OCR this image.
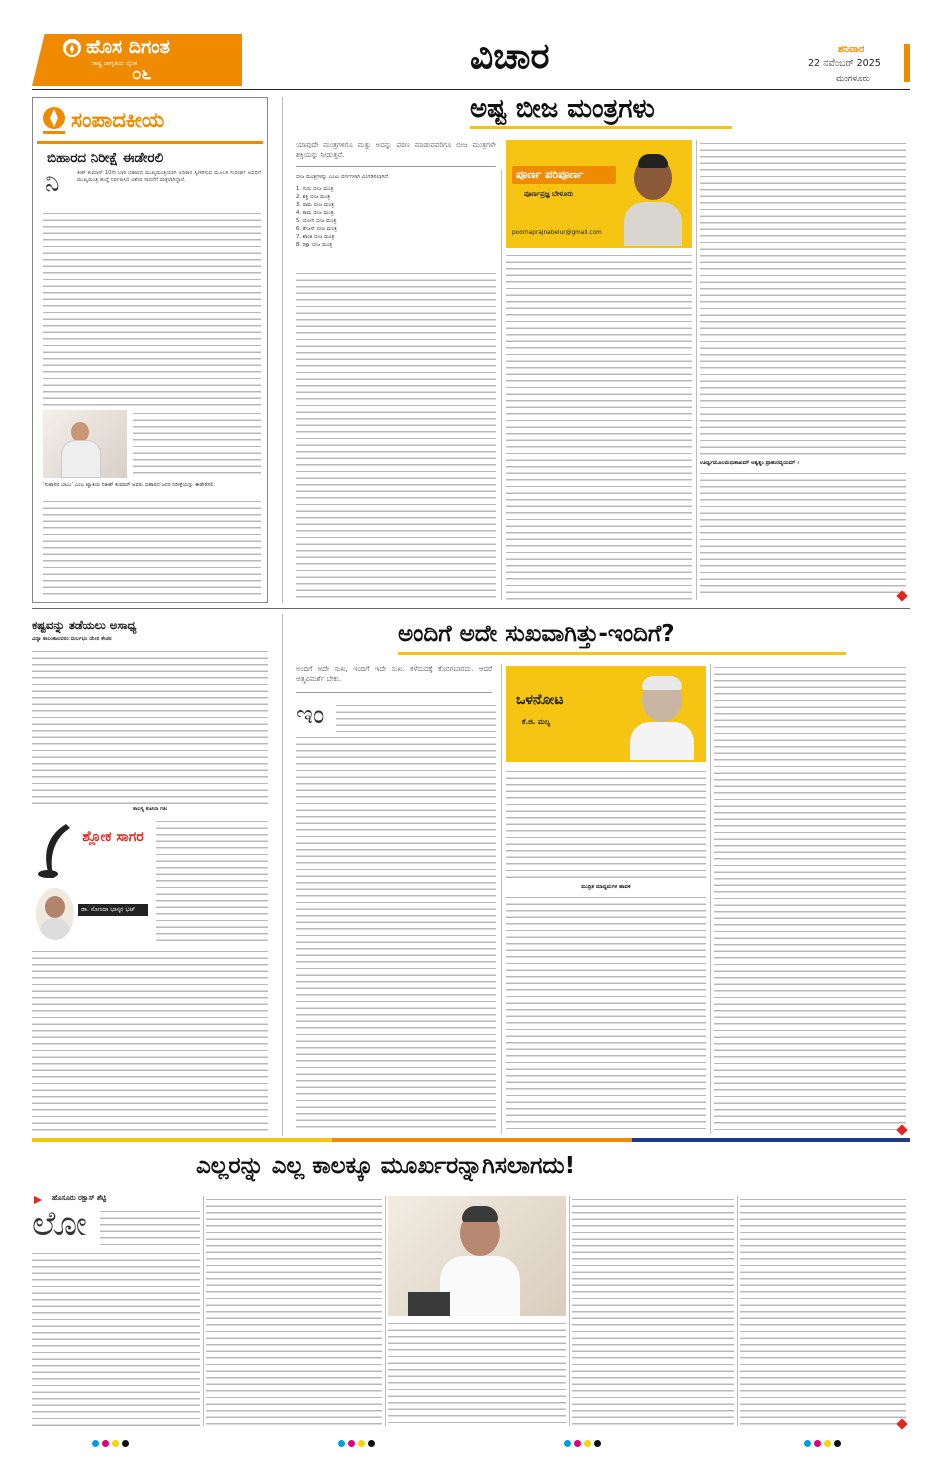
ಹೊಸ ದಿಗಂತ
ರಾಷ್ಟ್ರ ಜಾಗೃತಿಯ ದೈನಿಕ
೦೬	ವಿಚಾರ	ಶನಿವಾರ
22 ನವೆಂಬರ್ 2025
ಮಂಗಳೂರು
ಸಂಪಾದಕೀಯ
ಬಿಹಾರದ ನಿರೀಕ್ಷೆ ಈಡೇರಲಿ
ನಿ	ತೀಶ್ ಕುಮಾರ್ 10ನೇ ಬಾರಿ ಬಿಹಾರದ ಮುಖ್ಯಮಂತ್ರಿಯಾಗಿ ಅಧಿಕಾರ ಸ್ವೀಕರಿಸುವ ಮೂಲಕ ಸುದೀರ್ಘ ಅವಧಿಗೆ ಮುಖ್ಯಮಂತ್ರಿ ಹುದ್ದೆ ನಿರ್ವಹಿಸಿದ ವಿಶೇಷ ಸಾಧನೆಗೆ ಪಾತ್ರರಾಗಿದ್ದಾರೆ.
‘ಸುಶಾಸನ ಬಾಬು’ ಎಂಬ ಖ್ಯಾತಿಯ ನಿತೀಶ್ ಕುಮಾರ್ ಅವರು ಬಿಹಾರದ ಜನರ ನಿರೀಕ್ಷೆಯನ್ನು ಈಡೇರಿಸಲಿ.
ಅಷ್ಟ ಬೀಜ ಮಂತ್ರಗಳು
ಯಾವುದೇ ಮಂತ್ರಗಳಿಗೂ ಮತ್ತು ಅದನ್ನು ಪಠಣ ಮಾಡುವವರಿಗೂ ಬೀಜ ಮಂತ್ರಗಳೇ ಶಕ್ತಿಯನ್ನು ನೀಡುತ್ತವೆ.
ಬೀಜ ಮಂತ್ರಗಳನ್ನು ಎಂಟು ವರ್ಗಗಳಾಗಿ ವಿಂಗಡಿಸಲಾಗಿದೆ.
1. ಗುರು ಬೀಜ ಮಂತ್ರ
2. ಶಕ್ತಿ ಬೀಜ ಮಂತ್ರ
3. ರಾಮ ಬೀಜ ಮಂತ್ರ
4. ಕಾಮ ಬೀಜ ಮಂತ್ರ
5. ಯೋಗ ಬೀಜ ಮಂತ್ರ
6. ತೇಜಸ್ ಬೀಜ ಮಂತ್ರ
7. ಶಾಂತಿ ಬೀಜ ಮಂತ್ರ
8. ರಕ್ಷಾ ಬೀಜ ಮಂತ್ರ
ಪೂರ್ಣ ಪರಿಪೂರ್ಣ
ಪೂರ್ಣಪ್ರಜ್ಞ ಬೇಳೂರು
poornaprajnabelur@gmail.com
ಊರ್ಧ್ವಮೂಲಮಧಃಶಾಖಮ್ ಅಶ್ವತ್ಥಂ ಪ್ರಾಹುರವ್ಯಯಮ್ ।
ಕಷ್ಟವನ್ನು ತಡೆಯಲು ಅಸಾಧ್ಯ
ವಿದ್ಯಾ ಕಾಲಂಕಾಲವರಂ ದುರ್ಲಭಂ ಯೇನ ಕೇಚನ
ಕಾಲಸ್ಯ ಕುಟಿಲಾ ಗತಿಃ
ಶ್ಲೋಕ ಸಾಗರ
ಡಾ. ಸೋಂದಾ ಭಾಸ್ಕರ ಭಟ್
ಅಂದಿಗೆ ಅದೇ ಸುಖವಾಗಿತ್ತು-ಇಂದಿಗೆ?
ಅಂದಿಗೆ ಅದೇ ಸುಖ, ಇಂದಿಗೆ ಇದೇ ಸುಖ. ಕಳೆದುದಕ್ಕೆ ಕೊರಗಬಾರದು. ಆದರೆ ಆತ್ಮವಿಮರ್ಶೆ ಬೇಕು.
ಇಂ	ಒಳನೋಟ
ಕೆ.ಜಿ. ಮಲ್ಯ
ಮುದ್ರಿತ ಮಾಧ್ಯಮಗಳ ಹಾವಳಿ
ಎಲ್ಲರನ್ನು ಎಲ್ಲ ಕಾಲಕ್ಕೂ ಮೂರ್ಖರನ್ನಾಗಿಸಲಾಗದು!
ಹೊಸೂರು ರಕ್ಷಾಸ್ ಶೆಟ್ಟಿ
ಲೋ
